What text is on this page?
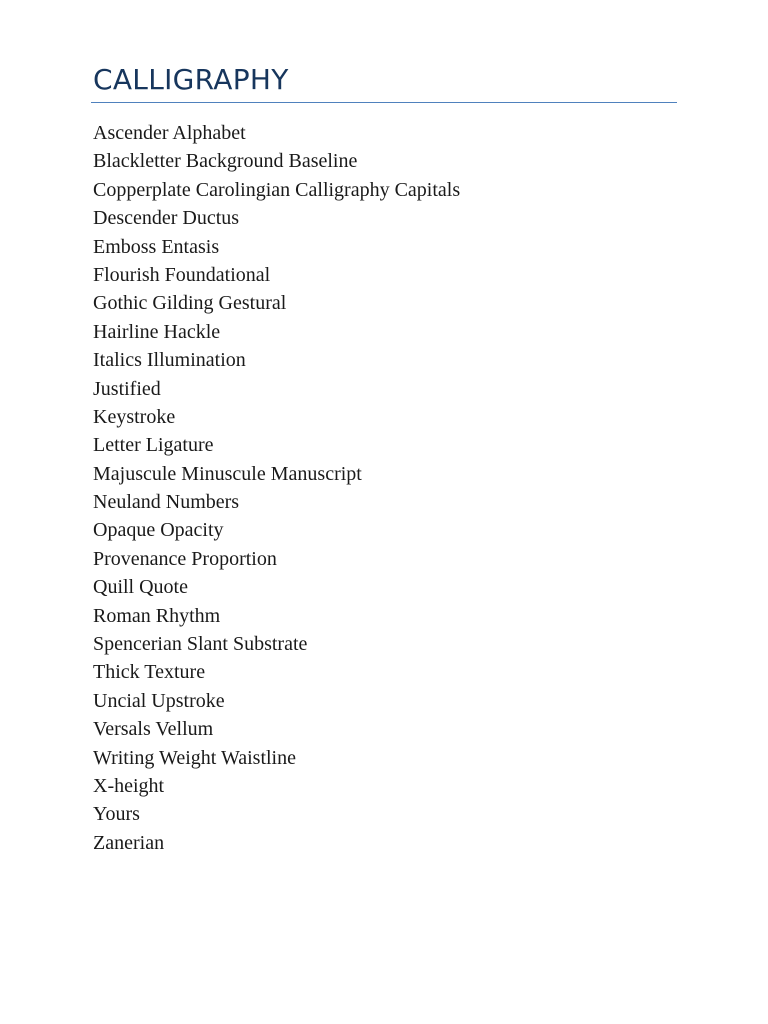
CALLIGRAPHY
Ascender Alphabet
Blackletter Background Baseline
Copperplate Carolingian Calligraphy Capitals
Descender Ductus
Emboss Entasis
Flourish Foundational
Gothic Gilding Gestural
Hairline Hackle
Italics Illumination
Justified
Keystroke
Letter Ligature
Majuscule Minuscule Manuscript
Neuland Numbers
Opaque Opacity
Provenance Proportion
Quill Quote
Roman Rhythm
Spencerian Slant Substrate
Thick Texture
Uncial Upstroke
Versals Vellum
Writing Weight Waistline
X-height
Yours
Zanerian
